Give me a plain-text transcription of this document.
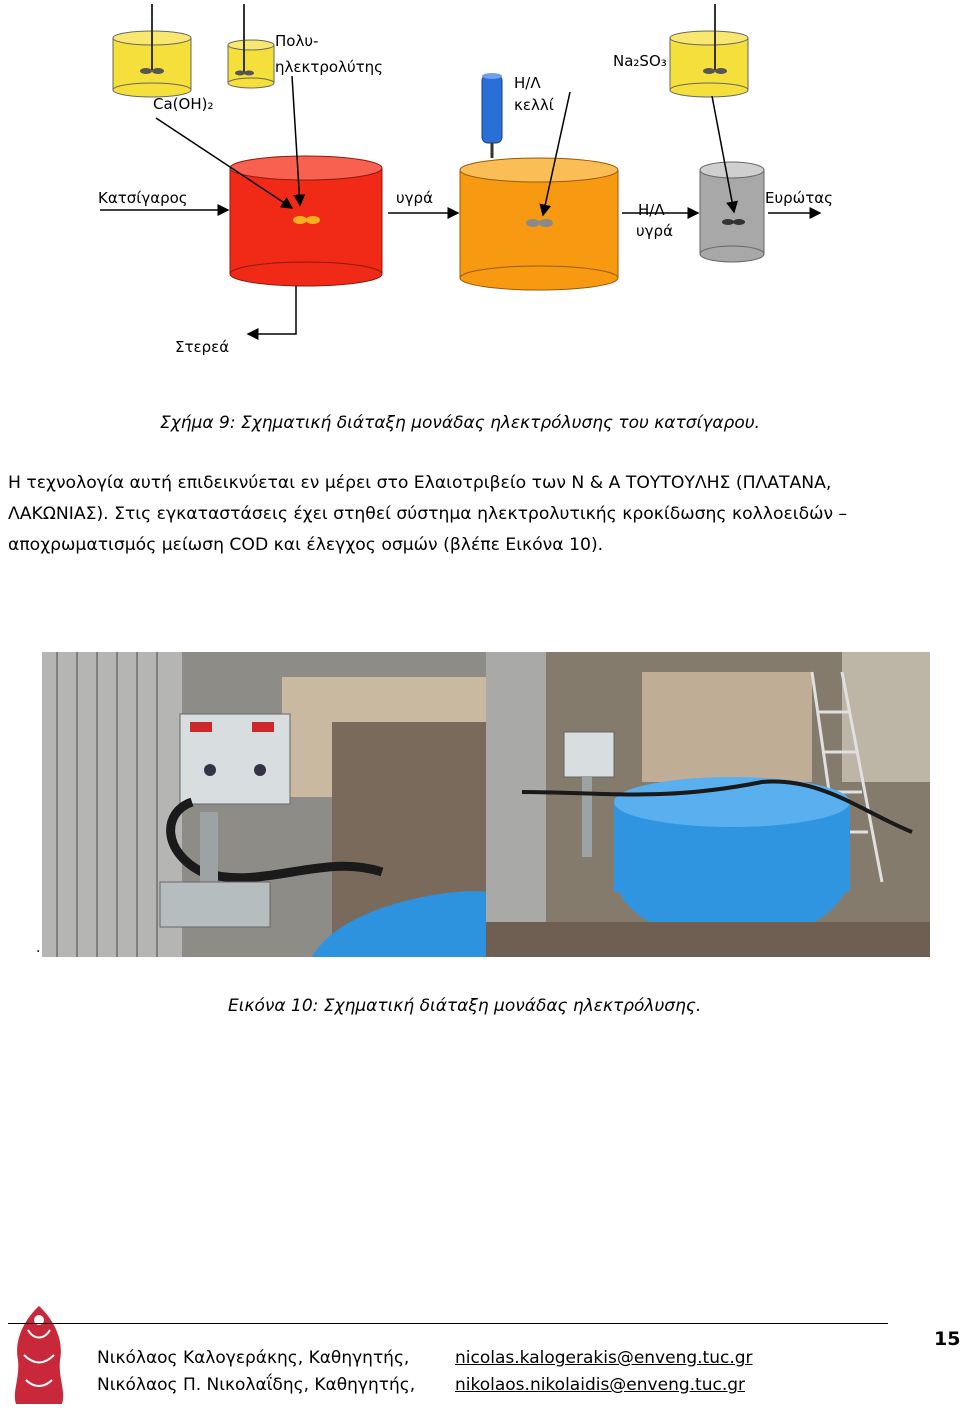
Ca(OH)₂
Πολυ-
ηλεκτρολύτης
Η/Λ
κελλί
Na₂SO₃
Κατσίγαρος	υγρά
Η/Λ
υγρά
Ευρώτας
Στερεά
Σχήμα 9: Σχηματική διάταξη μονάδας ηλεκτρόλυσης του κατσίγαρου.
Η τεχνολογία αυτή επιδεικνύεται εν μέρει στο Ελαιοτριβείο των Ν & Α ΤΟΥΤΟΥΛΗΣ (ΠΛΑΤΑΝΑ,
ΛΑΚΩΝΙΑΣ). Στις εγκαταστάσεις έχει στηθεί σύστημα ηλεκτρολυτικής κροκίδωσης κολλοειδών –
αποχρωματισμός μείωση COD και έλεγχος οσμών (βλέπε Εικόνα 10).
.
Εικόνα 10: Σχηματική διάταξη μονάδας ηλεκτρόλυσης.
Νικόλαος Καλογεράκης, Καθηγητής,
Νικόλαος Π. Νικολαΐδης, Καθηγητής,
nicolas.kalogerakis@enveng.tuc.gr
nikolaos.nikolaidis@enveng.tuc.gr
15
